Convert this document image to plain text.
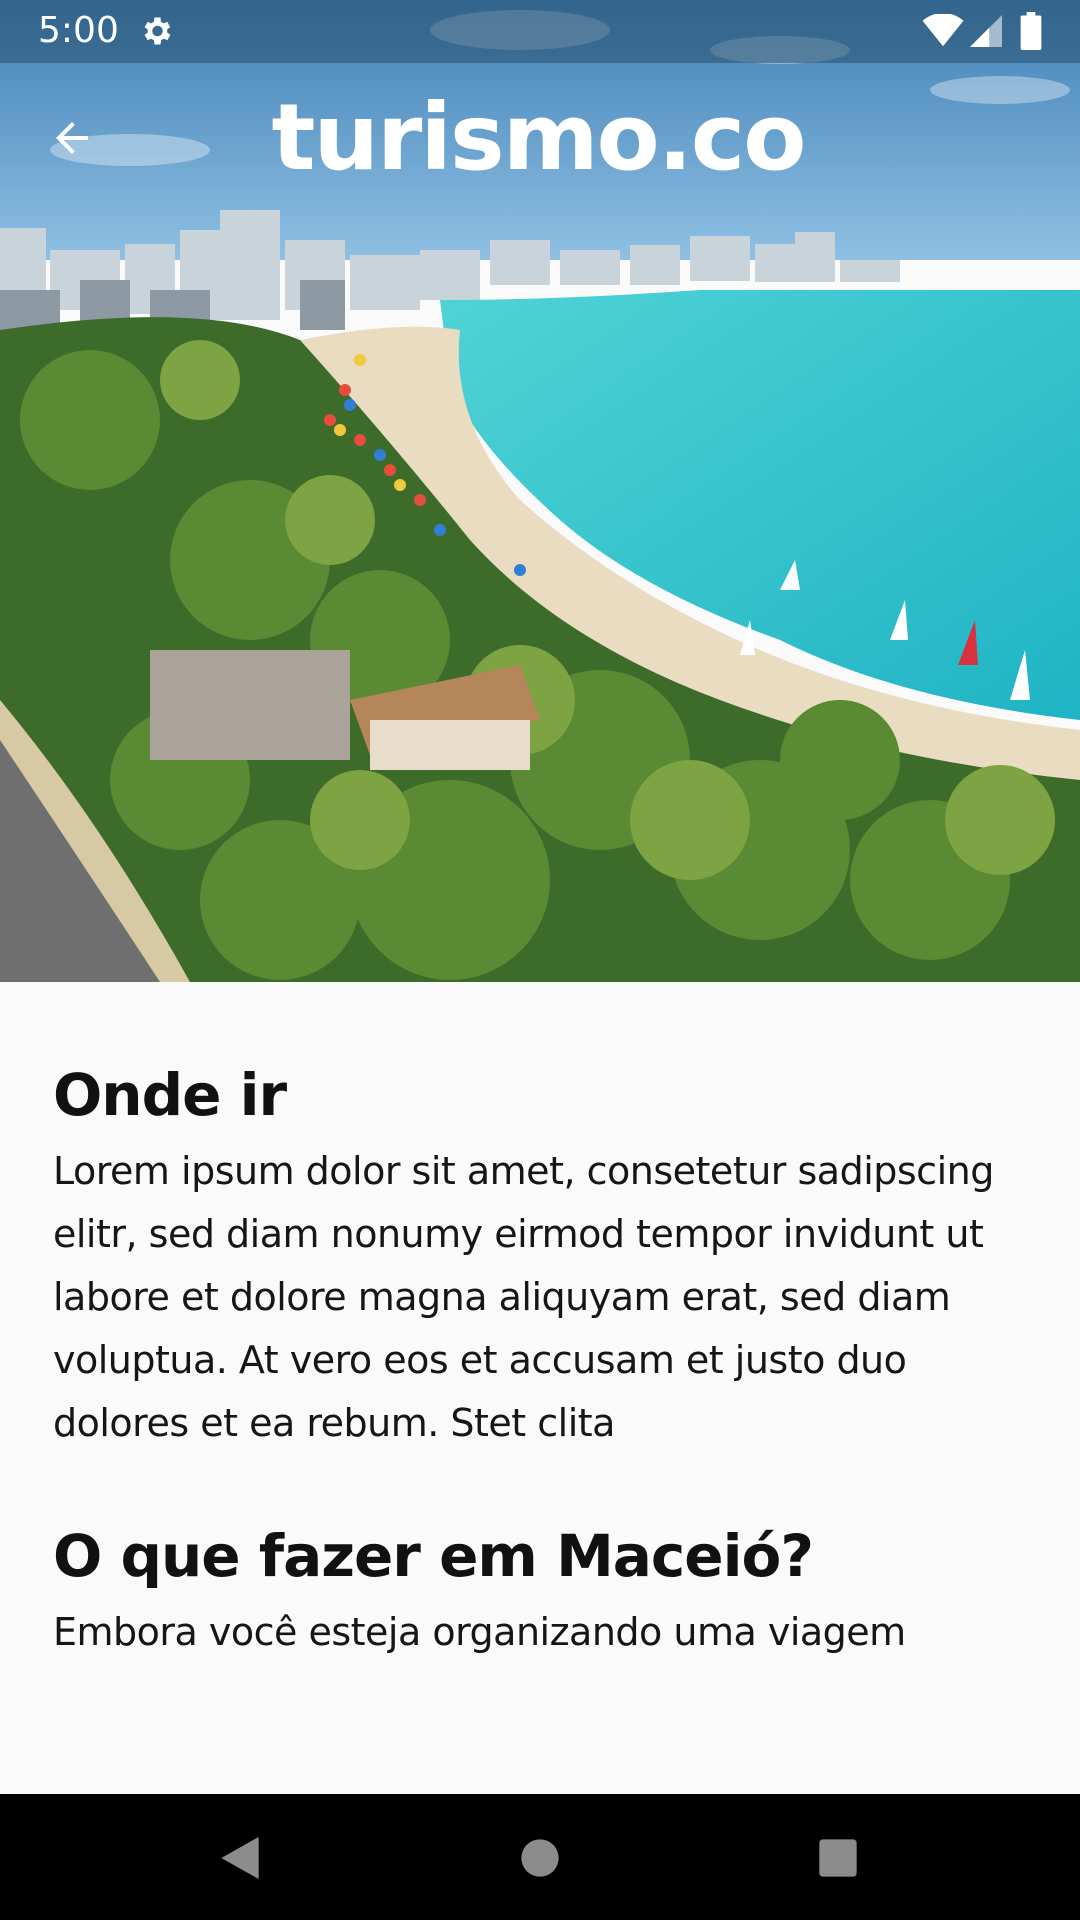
5:00
turismo.co
Onde ir

Lorem ipsum dolor sit amet, consetetur sadipscing elitr, sed diam nonumy eirmod tempor invidunt ut labore et dolore magna aliquyam erat, sed diam voluptua. At vero eos et accusam et justo duo dolores et ea rebum. Stet clita

O que fazer em Maceió?

Embora você esteja organizando uma viagem
